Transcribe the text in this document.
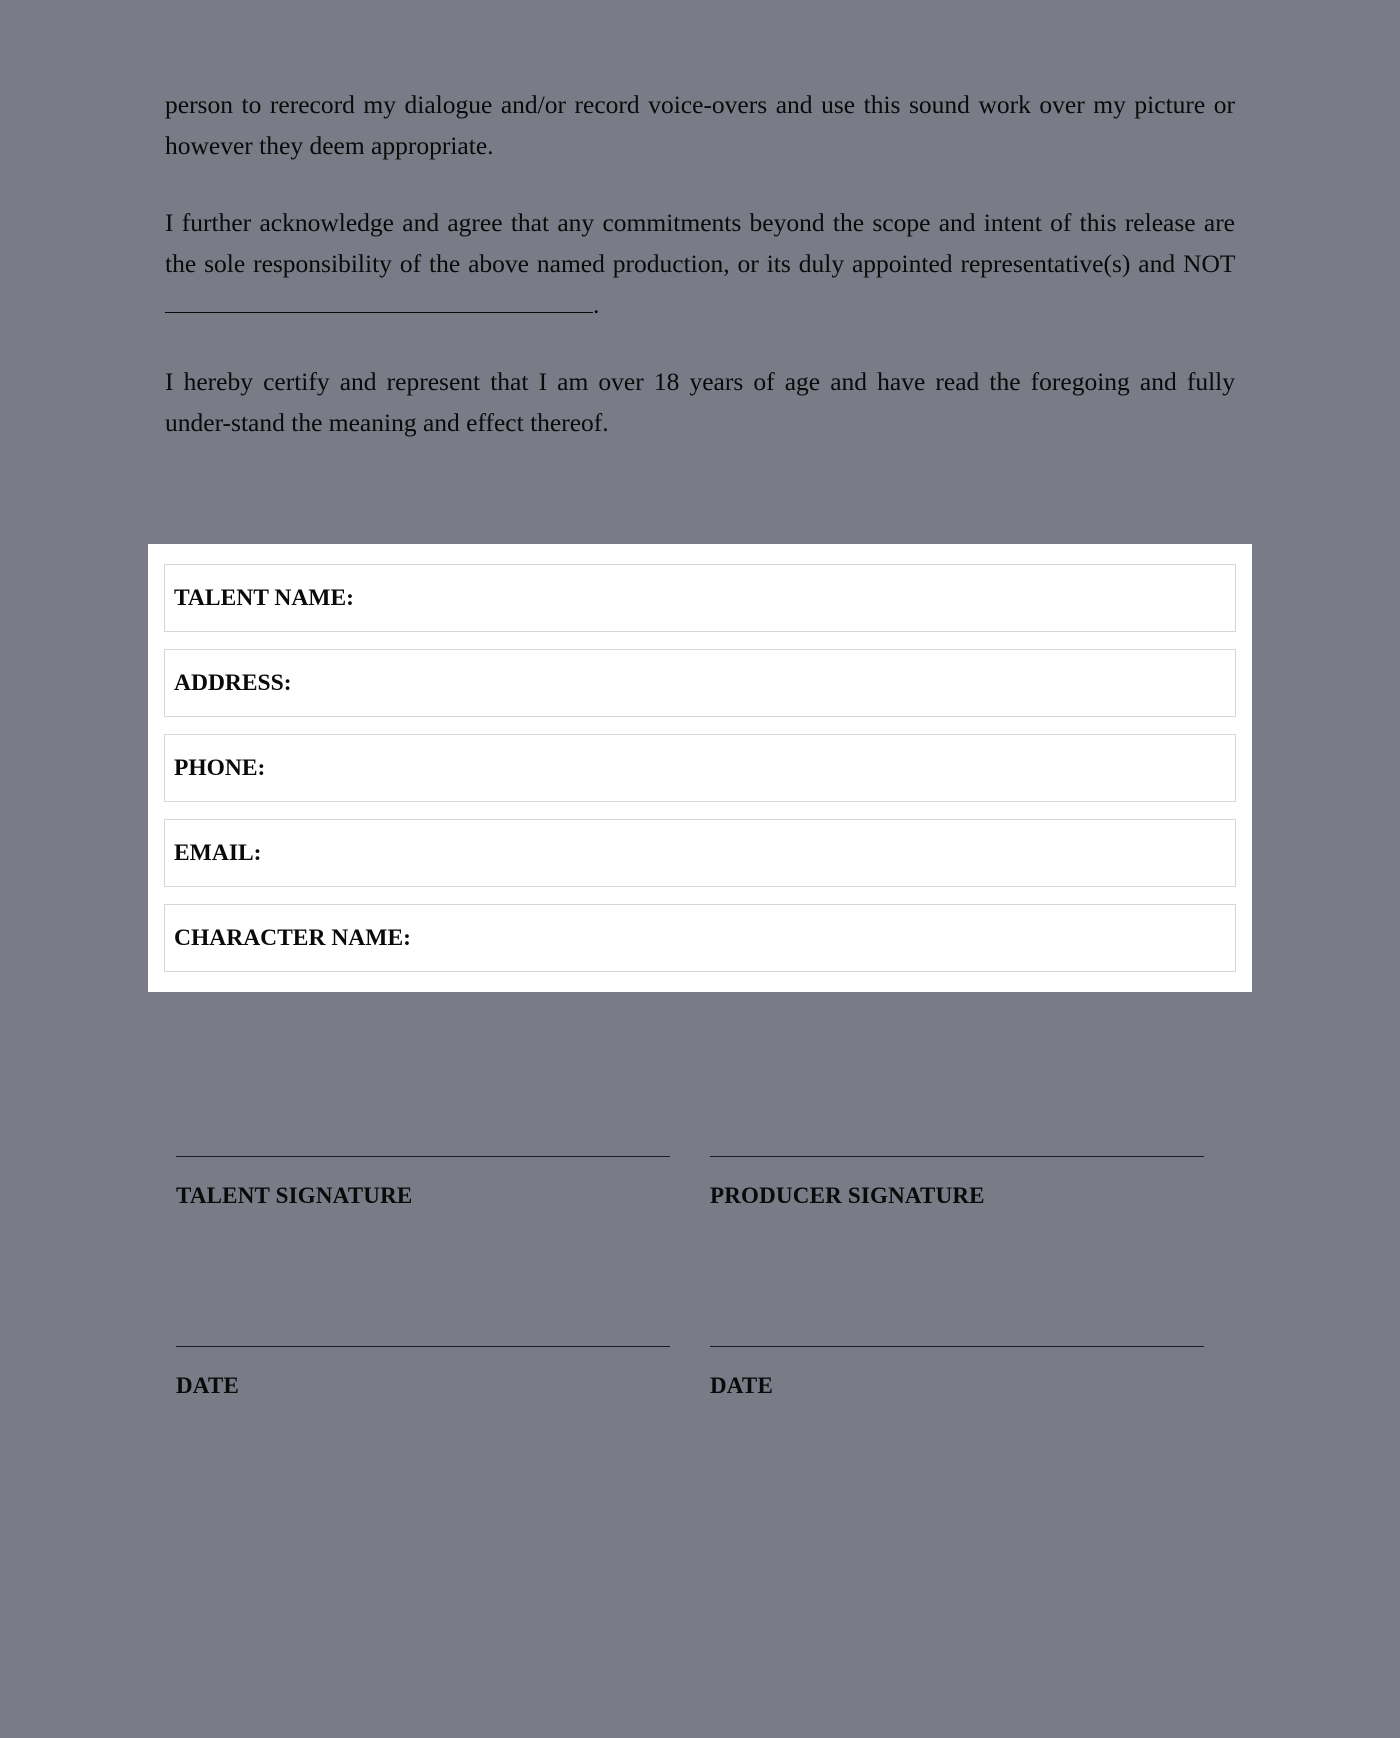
person to rerecord my dialogue and/or record voice-overs and use this sound work over my picture or however they deem appropriate.

I further acknowledge and agree that any commitments beyond the scope and intent of this release are the sole responsibility of the above named production, or its duly appointed representative(s) and NOT .

I hereby certify and represent that I am over 18 years of age and have read the foregoing and fully under-stand the meaning and effect thereof.

TALENT NAME:
ADDRESS:
PHONE:
EMAIL:
CHARACTER NAME:
TALENT SIGNATURE	PRODUCER SIGNATURE
DATE	DATE
